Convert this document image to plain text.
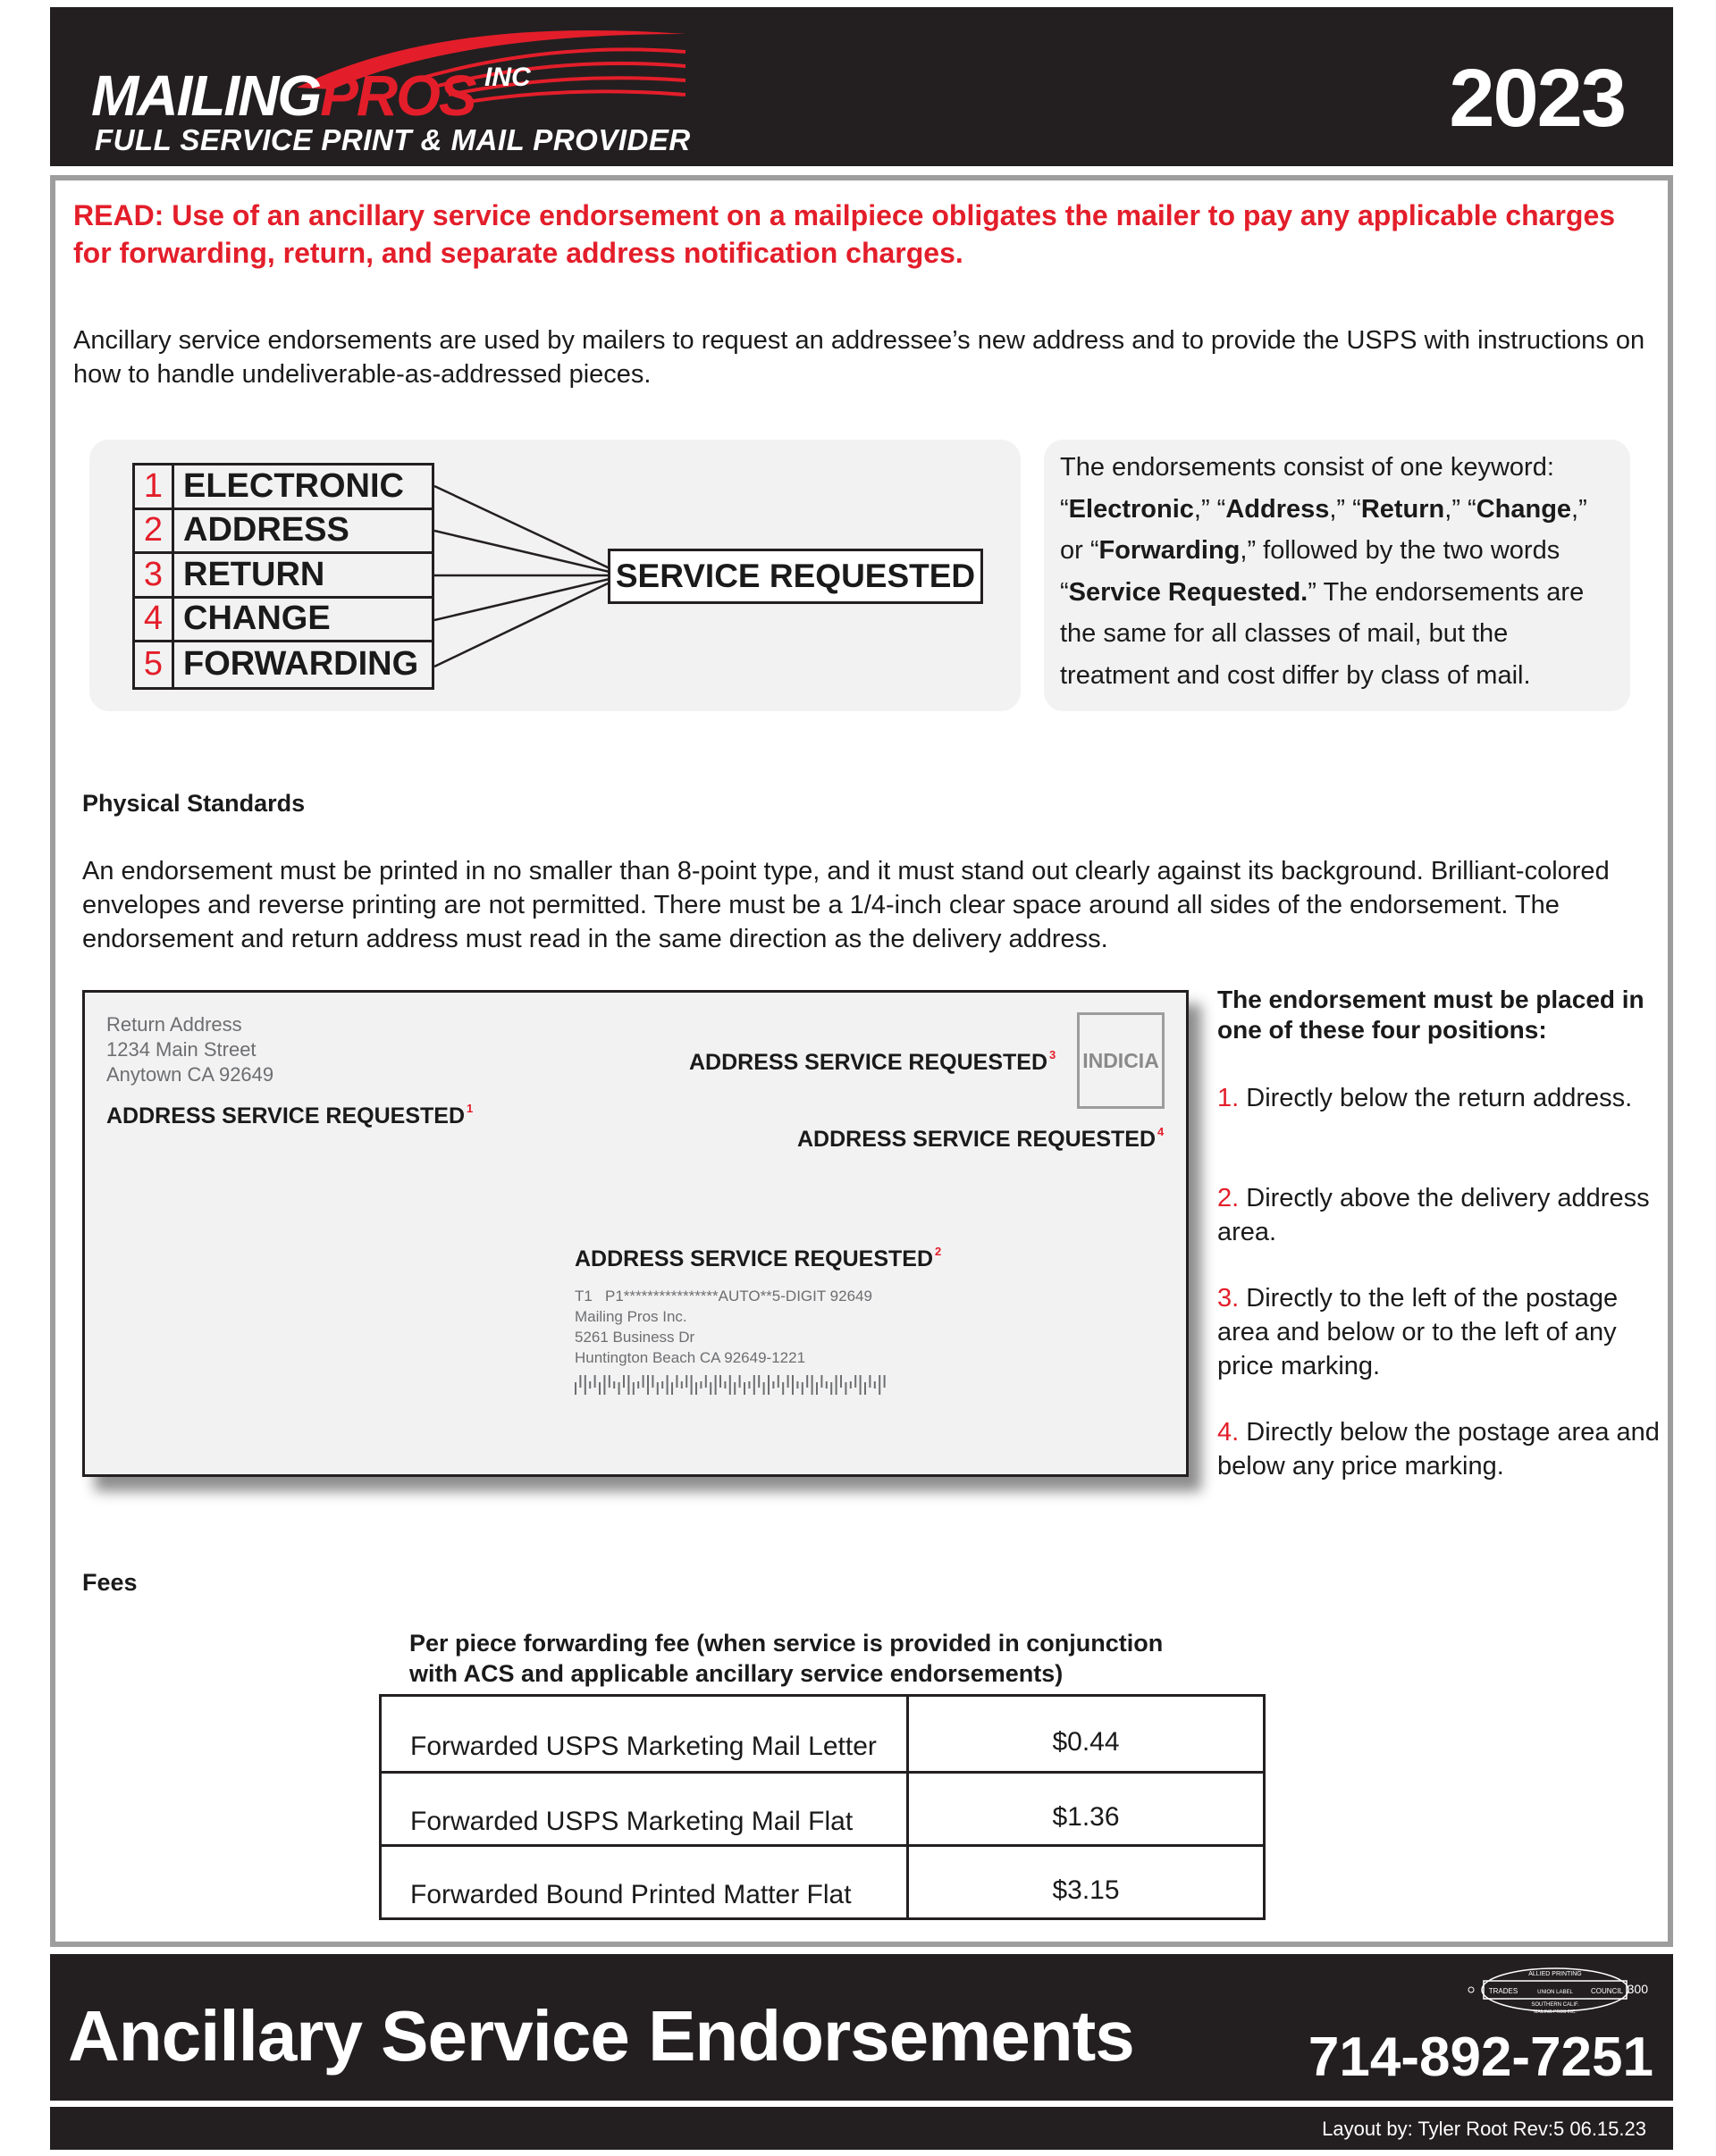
MAILINGPROS INC
FULL SERVICE PRINT & MAIL PROVIDER	2023
READ: Use of an ancillary service endorsement on a mailpiece obligates the mailer to pay any applicable charges for forwarding, return, and separate address notification charges.
Ancillary service endorsements are used by mailers to request an addressee’s new address and to provide the USPS with instructions on how to handle undeliverable-as-addressed pieces.
1 ELECTRONIC
2 ADDRESS
3 RETURN
4 CHANGE
5 FORWARDING
SERVICE REQUESTED
The endorsements consist of one keyword: “Electronic,” “Address,” “Return,” “Change,” or “Forwarding,” followed by the two words “Service Requested.” The endorsements are the same for all classes of mail, but the treatment and cost differ by class of mail.
Physical Standards
An endorsement must be printed in no smaller than 8-point type, and it must stand out clearly against its background. Brilliant-colored envelopes and reverse printing are not permitted. There must be a 1/4-inch clear space around all sides of the endorsement. The endorsement and return address must read in the same direction as the delivery address.
Return Address
1234 Main Street
Anytown CA 92649
ADDRESS SERVICE REQUESTED $^1$
ADDRESS SERVICE REQUESTED $^3$ INDICIA
ADDRESS SERVICE REQUESTED $^4$
ADDRESS SERVICE REQUESTED $^2$
T1   P1****************AUTO**5-DIGIT 92649
Mailing Pros Inc.
5261 Business Dr
Huntington Beach CA 92649-1221
The endorsement must be placed in one of these four positions:
1. Directly below the return address.
2. Directly above the delivery address area.
3. Directly to the left of the postage area and below or to the left of any price marking.
4. Directly below the postage area and below any price marking.
Fees
Per piece forwarding fee (when service is provided in conjunction with ACS and applicable ancillary service endorsements)
Forwarded USPS Marketing Mail Letter	$0.44
Forwarded USPS Marketing Mail Flat	$1.36
Forwarded Bound Printed Matter Flat	$3.15
ALLIED PRINTING
TRADES	UNION LABEL	COUNCIL
SOUTHERN CALIF.
MAILING PROS INC.
300
Ancillary Service Endorsements	714-892-7251
Layout by: Tyler Root Rev:5 06.15.23
